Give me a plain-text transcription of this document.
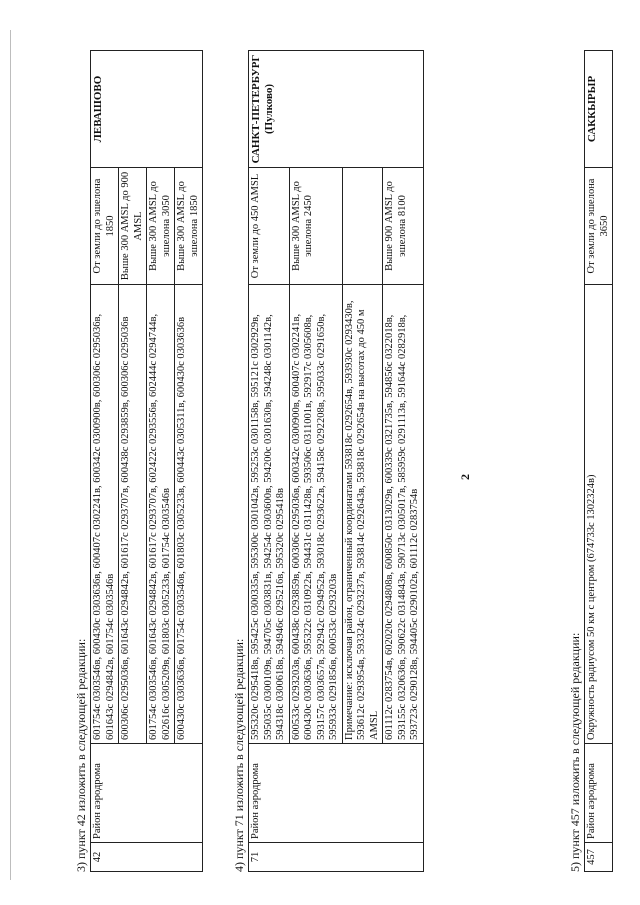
2
3) пункт 42 изложить в следующей редакции: 42	Район аэродрома	601754с 0303546в, 600430с 0303636в, 600407с 0302241в, 600342с 0300900в, 600306с 0295036в, 601643с 0294842в, 601754с 0303546в	От земли до эшелона 1850	ЛЕВАШОВО
		600306с 0295036в, 601643с 0294842в, 601617с 0293707в, 600438с 0293859в, 600306с 0295036в	Выше 300 AMSL до 900 AMSL	
		601754с 0303546в, 601643с 0294842в, 601617с 0293707в, 602422с 0293556в, 602444с 0294744в, 602616с 0305209в, 601803с 0305233в, 601754с 0303546в	Выше 300 AMSL до эшелона 3050	
		600430с 0303636в, 601754с 0303546в, 601803с 0305233в, 600443с 0305311в, 600430с 0303636в	Выше 300 AMSL до эшелона 1850	
4) пункт 71 изложить в следующей редакции: 71	Район аэродрома	595320с 0295418в, 595425с 0300335в, 595300с 0301042в, 595253с 0301158в, 595121с 0302929в, 595035с 0300109в, 594705с 0303831в, 594254с 0303600в, 594200с 0301630в, 594248с 0301142в, 594318с 0300618в, 594946с 0295216в, 595320с 0295418в	От земли до 450 AMSL	САНКТ-ПЕТЕРБУРГ (Пулково)
		600533с 0293203в, 600438с 0293859в, 600306с 0295036в, 600342с 0300900в, 600407с 0302241в, 600430с 0303636в, 595322с 0310922в, 594431с 0311428в, 593506с 0311001в, 592917с 0305608в, 593157с 0303657в, 592942с 0294952в, 593018с 0293622в, 594158с 0292208в, 595033с 0291650в, 595933с 0291856в, 600533с 0293203в	Выше 300 AMSL до эшелона 2450	
		Примечание: исключая район, ограниченный координатами 593818с 0292654в, 593930с 0293430в, 593612с 0293954в, 593324с 0293237в, 593814с 0292643в, 593818с 0292654в на высотах до 450 м AMSL		
		601112с 0283754в, 602020с 0294808в, 600850с 0313029в, 600339с 0321735в, 594856с 0322018в, 593155с 0320636в, 590622с 0314843в, 590713с 0305017в, 585959с 0291113в, 591644с 0282918в, 593723с 0290128в, 594405с 0290102в, 601112с 0283754в	Выше 900 AMSL до эшелона 8100	
5) пункт 457 изложить в следующей редакции: 457	Район аэродрома	Окружность радиусом 50 км с центром (674733с 1302324в)	От земли до эшелона 3650	САККЫРЫР
